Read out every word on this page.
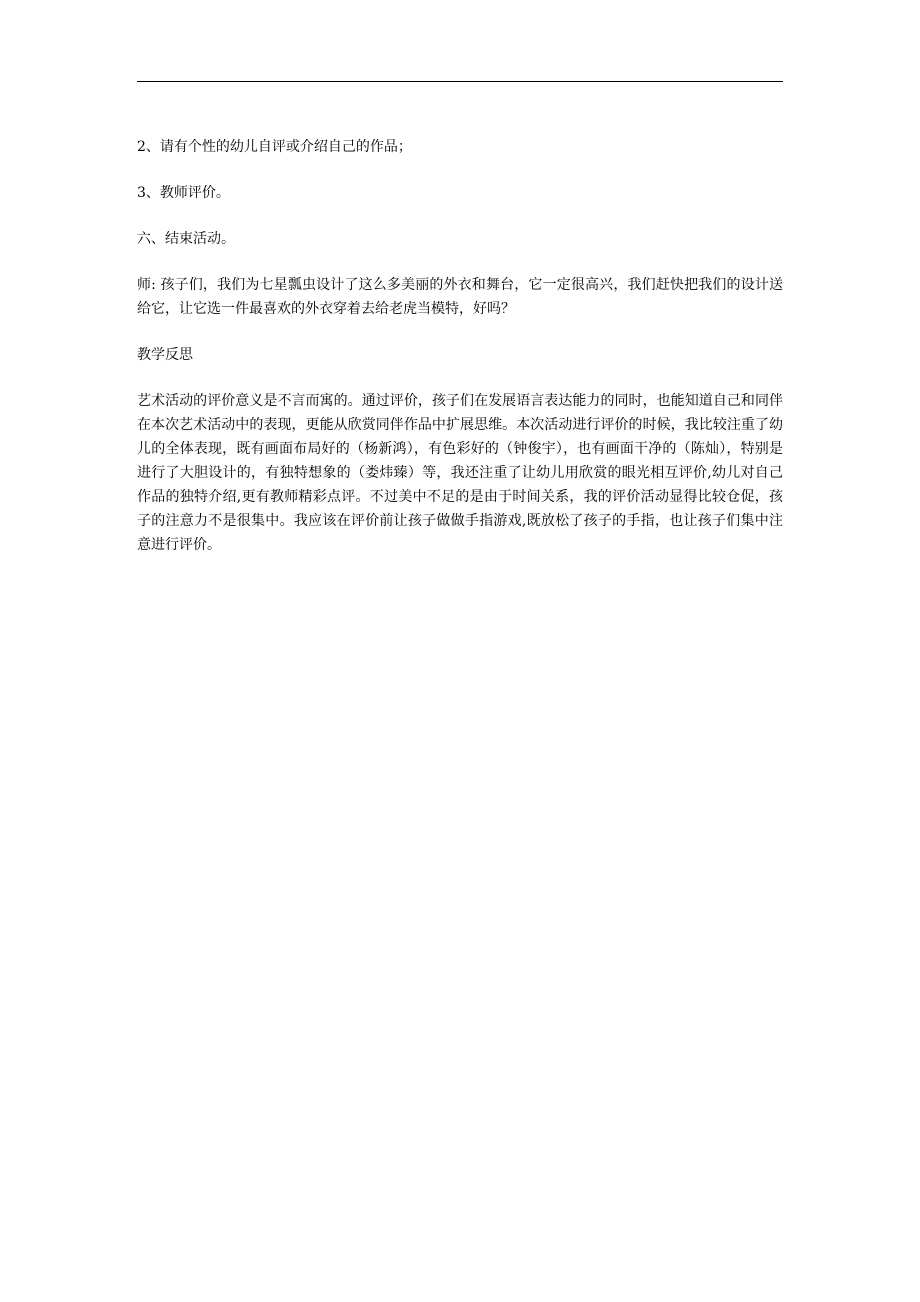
2、请有个性的幼儿自评或介绍自己的作品；

3、教师评价。

六、结束活动。

师: 孩子们，我们为七星瓢虫设计了这么多美丽的外衣和舞台，它一定很高兴，我们赶快把我们的设计送给它，让它选一件最喜欢的外衣穿着去给老虎当模特，好吗？

教学反思

艺术活动的评价意义是不言而寓的。通过评价，孩子们在发展语言表达能力的同时，也能知道自己和同伴在本次艺术活动中的表现，更能从欣赏同伴作品中扩展思维。本次活动进行评价的时候，我比较注重了幼儿的全体表现，既有画面布局好的（杨新鸿），有色彩好的（钟俊宇），也有画面干净的（陈灿），特别是进行了大胆设计的，有独特想象的（娄炜臻）等，我还注重了让幼儿用欣赏的眼光相互评价,幼儿对自己作品的独特介绍,更有教师精彩点评。不过美中不足的是由于时间关系，我的评价活动显得比较仓促，孩子的注意力不是很集中。我应该在评价前让孩子做做手指游戏,既放松了孩子的手指，也让孩子们集中注意进行评价。
